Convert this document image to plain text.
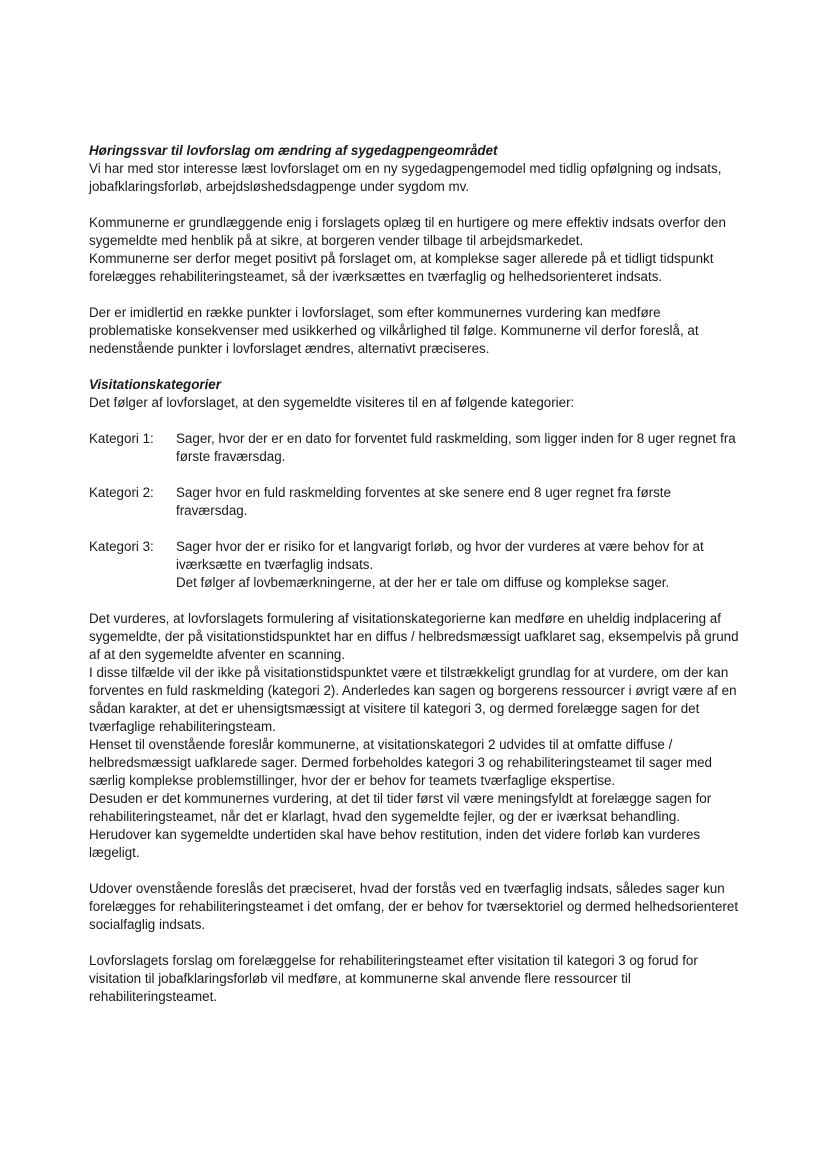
Høringssvar til lovforslag om ændring af sygedagpengeområdet

Vi har med stor interesse læst lovforslaget om en ny sygedagpengemodel med tidlig opfølgning og indsats, jobafklaringsforløb, arbejdsløshedsdagpenge under sygdom mv.

Kommunerne er grundlæggende enig i forslagets oplæg til en hurtigere og mere effektiv indsats overfor den sygemeldte med henblik på at sikre, at borgeren vender tilbage til arbejdsmarkedet.

Kommunerne ser derfor meget positivt på forslaget om, at komplekse sager allerede på et tidligt tidspunkt forelægges rehabiliteringsteamet, så der iværksættes en tværfaglig og helhedsorienteret indsats.

Der er imidlertid en række punkter i lovforslaget, som efter kommunernes vurdering kan medføre problematiske konsekvenser med usikkerhed og vilkårlighed til følge. Kommunerne vil derfor foreslå, at nedenstående punkter i lovforslaget ændres, alternativt præciseres.

Visitationskategorier

Det følger af lovforslaget, at den sygemeldte visiteres til en af følgende kategorier:

Kategori 1:	Sager, hvor der er en dato for forventet fuld raskmelding, som ligger inden for 8 uger regnet fra første fraværsdag.
Kategori 2:	Sager hvor en fuld raskmelding forventes at ske senere end 8 uger regnet fra første fraværsdag.
Kategori 3:	Sager hvor der er risiko for et langvarigt forløb, og hvor der vurderes at være behov for at iværksætte en tværfaglig indsats.
Det følger af lovbemærkningerne, at der her er tale om diffuse og komplekse sager.

Det vurderes, at lovforslagets formulering af visitationskategorierne kan medføre en uheldig indplacering af sygemeldte, der på visitationstidspunktet har en diffus / helbredsmæssigt uafklaret sag, eksempelvis på grund af at den sygemeldte afventer en scanning.

I disse tilfælde vil der ikke på visitationstidspunktet være et tilstrækkeligt grundlag for at vurdere, om der kan forventes en fuld raskmelding (kategori 2). Anderledes kan sagen og borgerens ressourcer i øvrigt være af en sådan karakter, at det er uhensigtsmæssigt at visitere til kategori 3, og dermed forelægge sagen for det tværfaglige rehabiliteringsteam.

Henset til ovenstående foreslår kommunerne, at visitationskategori 2 udvides til at omfatte diffuse / helbredsmæssigt uafklarede sager. Dermed forbeholdes kategori 3 og rehabiliteringsteamet til sager med særlig komplekse problemstillinger, hvor der er behov for teamets tværfaglige ekspertise.

Desuden er det kommunernes vurdering, at det til tider først vil være meningsfyldt at forelægge sagen for rehabiliteringsteamet, når det er klarlagt, hvad den sygemeldte fejler, og der er iværksat behandling.

Herudover kan sygemeldte undertiden skal have behov restitution, inden det videre forløb kan vurderes lægeligt.

Udover ovenstående foreslås det præciseret, hvad der forstås ved en tværfaglig indsats, således sager kun forelægges for rehabiliteringsteamet i det omfang, der er behov for tværsektoriel og dermed helhedsorienteret socialfaglig indsats.

Lovforslagets forslag om forelæggelse for rehabiliteringsteamet efter visitation til kategori 3 og forud for visitation til jobafklaringsforløb vil medføre, at kommunerne skal anvende flere ressourcer til rehabiliteringsteamet.
